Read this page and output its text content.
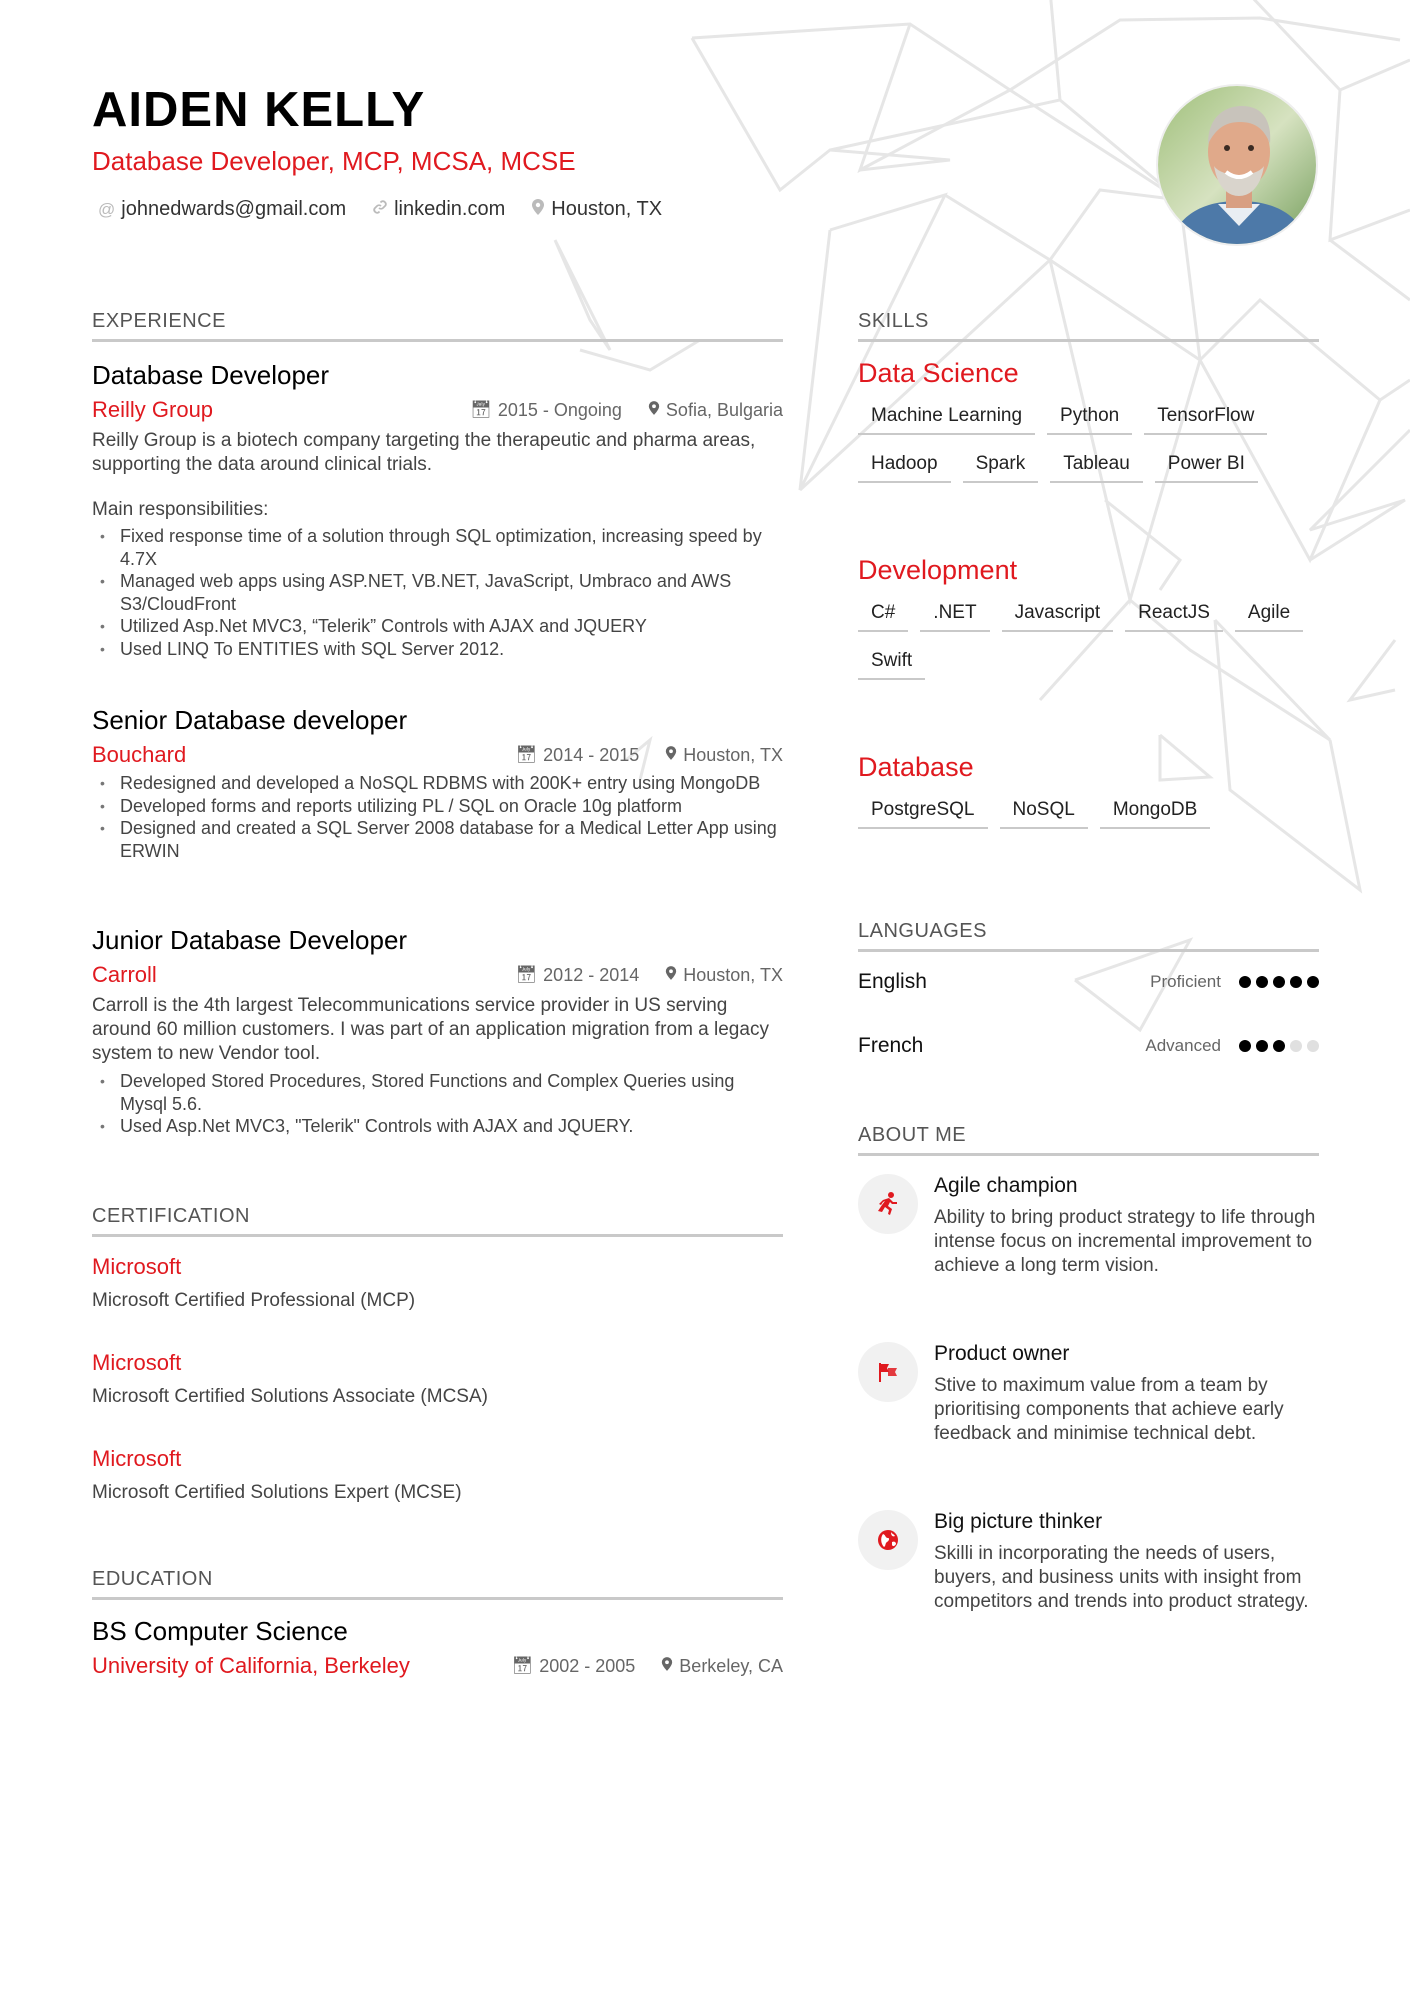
AIDEN KELLY
Database Developer, MCP, MCSA, MCSE
@ johnedwards@gmail.com linkedin.com Houston, TX
EXPERIENCE
Database Developer
Reilly Group	📅︎ 2015 - Ongoing Sofia, Bulgaria
Reilly Group is a biotech company targeting the therapeutic and pharma areas, supporting the data around clinical trials.
Main responsibilities:
• Fixed response time of a solution through SQL optimization, increasing speed by 4.7X
• Managed web apps using ASP.NET, VB.NET, JavaScript, Umbraco and AWS S3/CloudFront
• Utilized Asp.Net MVC3, “Telerik” Controls with AJAX and JQUERY
• Used LINQ To ENTITIES with SQL Server 2012.
Senior Database developer
Bouchard	📅︎ 2014 - 2015 Houston, TX
• Redesigned and developed a NoSQL RDBMS with 200K+ entry using MongoDB
• Developed forms and reports utilizing PL / SQL on Oracle 10g platform
• Designed and created a SQL Server 2008 database for a Medical Letter App using ERWIN
Junior Database Developer
Carroll	📅︎ 2012 - 2014 Houston, TX
Carroll is the 4th largest Telecommunications service provider in US serving around 60 million customers. I was part of an application migration from a legacy system to new Vendor tool.
• Developed Stored Procedures, Stored Functions and Complex Queries using Mysql 5.6.
• Used Asp.Net MVC3, "Telerik" Controls with AJAX and JQUERY.
CERTIFICATION
Microsoft
Microsoft Certified Professional (MCP)
Microsoft
Microsoft Certified Solutions Associate (MCSA)
Microsoft
Microsoft Certified Solutions Expert (MCSE)
EDUCATION
BS Computer Science
University of California, Berkeley	📅︎ 2002 - 2005 Berkeley, CA
SKILLS
Data Science
Machine Learning	Python	TensorFlow
Hadoop	Spark	Tableau	Power BI
Development
C#	.NET	Javascript	ReactJS	Agile
Swift
Database
PostgreSQL	NoSQL	MongoDB
LANGUAGES
English	Proficient
French	Advanced
ABOUT ME
Agile champion
Ability to bring product strategy to life through intense focus on incremental improvement to achieve a long term vision.
Product owner
Stive to maximum value from a team by prioritising components that achieve early feedback and minimise technical debt.
Big picture thinker
Skilli in incorporating the needs of users, buyers, and business units with insight from competitors and trends into product strategy.
